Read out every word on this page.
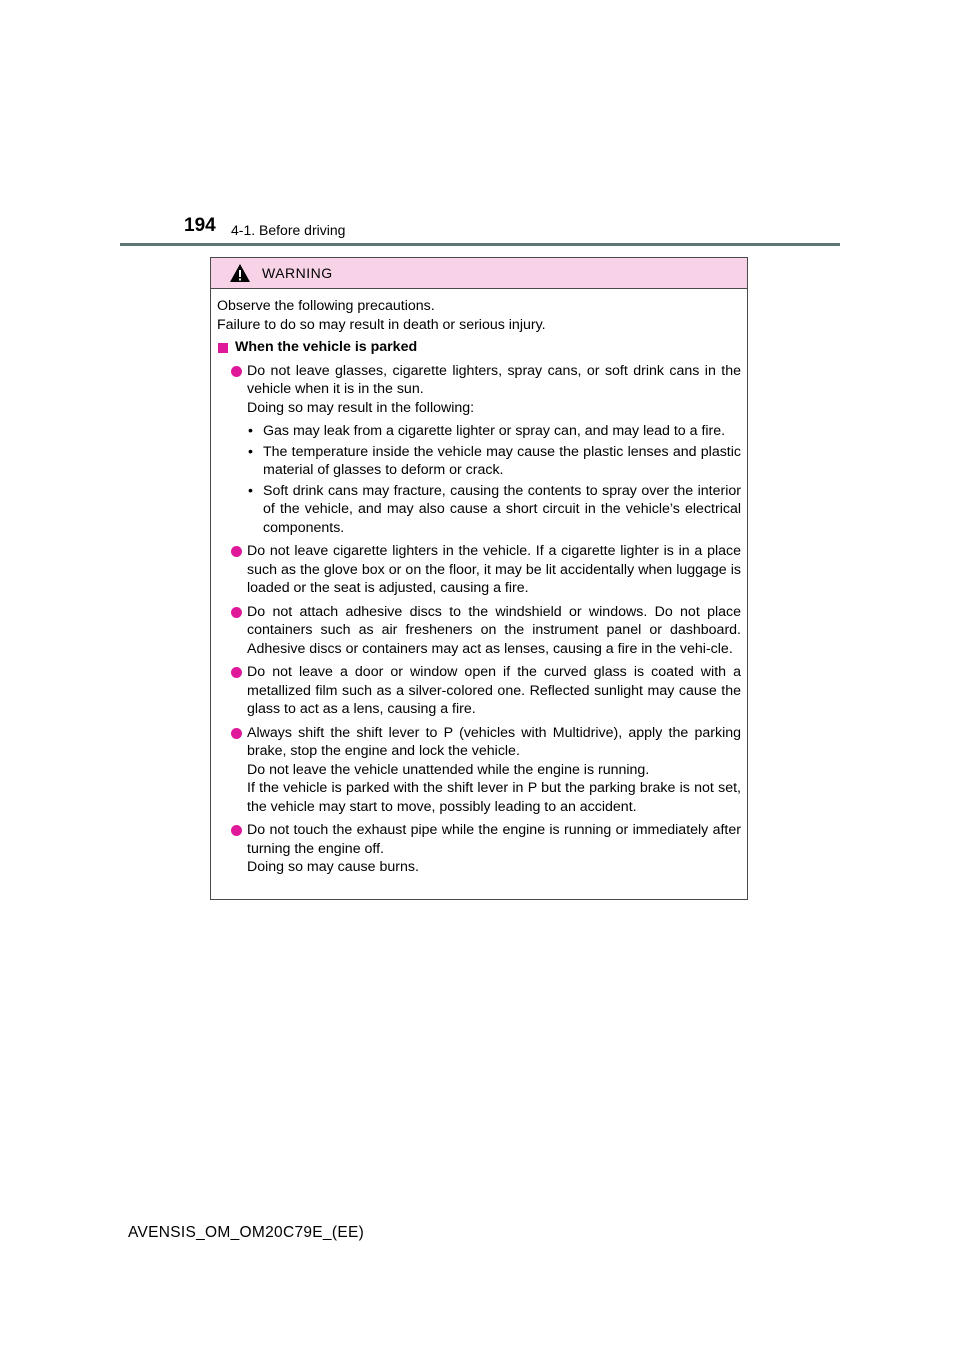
194 4-1. Before driving
WARNING

Observe the following precautions.

Failure to do so may result in death or serious injury.

When the vehicle is parked

Do not leave glasses, cigarette lighters, spray cans, or soft drink cans in the vehicle when it is in the sun.

Doing so may result in the following:

• Gas may leak from a cigarette lighter or spray can, and may lead to a fire.
• The temperature inside the vehicle may cause the plastic lenses and plastic material of glasses to deform or crack.
• Soft drink cans may fracture, causing the contents to spray over the interior of the vehicle, and may also cause a short circuit in the vehicle’s electrical components.

Do not leave cigarette lighters in the vehicle. If a cigarette lighter is in a place such as the glove box or on the floor, it may be lit accidentally when luggage is loaded or the seat is adjusted, causing a fire.

Do not attach adhesive discs to the windshield or windows. Do not place containers such as air fresheners on the instrument panel or dashboard. Adhesive discs or containers may act as lenses, causing a fire in the vehi-cle.

Do not leave a door or window open if the curved glass is coated with a metallized film such as a silver-colored one. Reflected sunlight may cause the glass to act as a lens, causing a fire.

Always shift the shift lever to P (vehicles with Multidrive), apply the parking brake, stop the engine and lock the vehicle.

Do not leave the vehicle unattended while the engine is running.

If the vehicle is parked with the shift lever in P but the parking brake is not set, the vehicle may start to move, possibly leading to an accident.

Do not touch the exhaust pipe while the engine is running or immediately after turning the engine off.

Doing so may cause burns.

AVENSIS_OM_OM20C79E_(EE)
